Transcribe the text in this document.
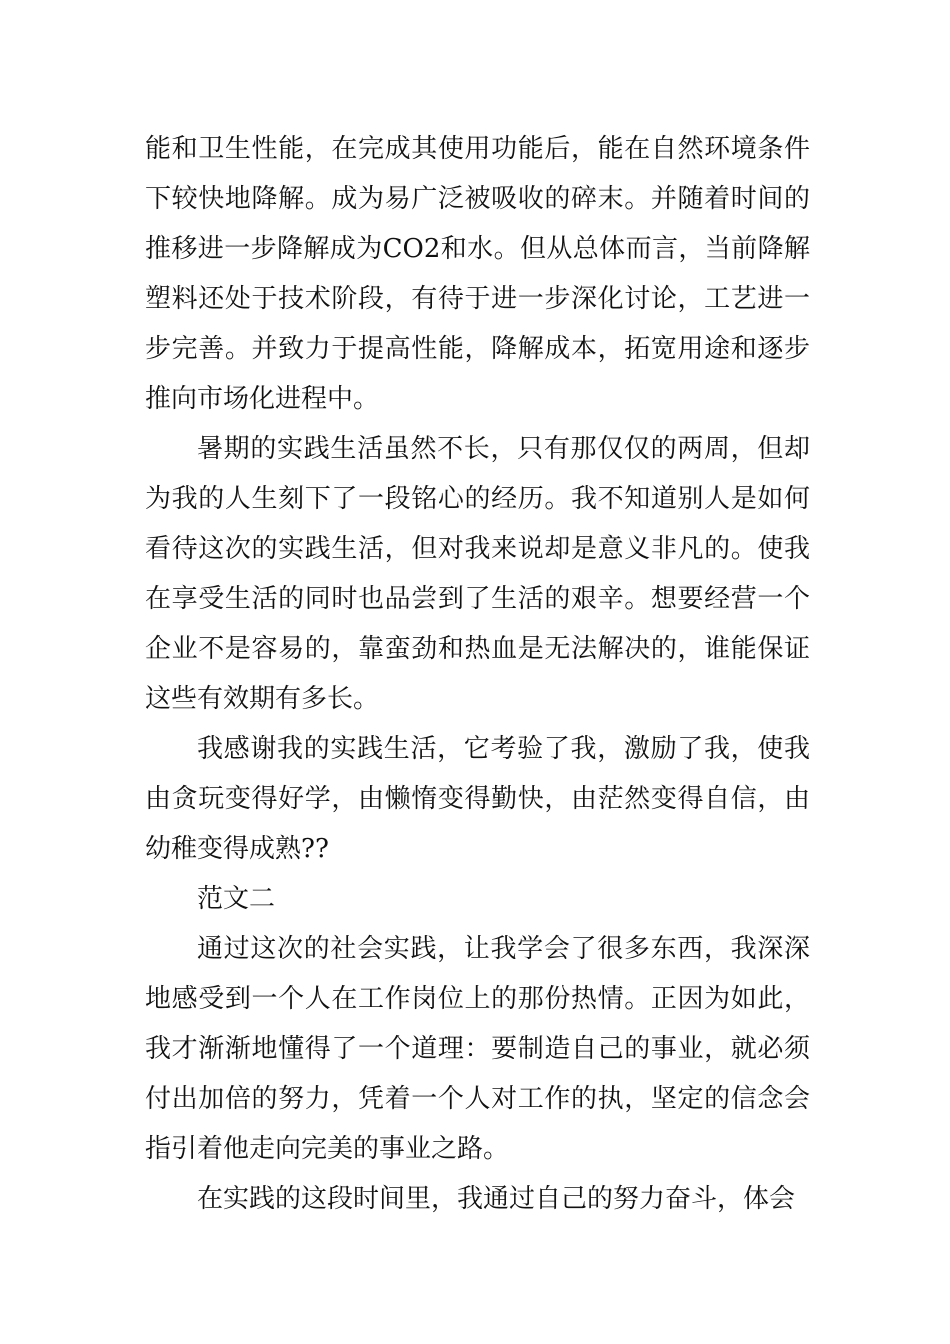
能和卫生性能，在完成其使用功能后，能在自然环境条件下较快地降解。成为易广泛被吸收的碎末。并随着时间的推移进一步降解成为CO2和水。但从总体而言，当前降解塑料还处于技术阶段，有待于进一步深化讨论，工艺进一步完善。并致力于提高性能，降解成本，拓宽用途和逐步推向市场化进程中。

暑期的实践生活虽然不长，只有那仅仅的两周，但却为我的人生刻下了一段铭心的经历。我不知道别人是如何看待这次的实践生活，但对我来说却是意义非凡的。使我在享受生活的同时也品尝到了生活的艰辛。想要经营一个企业不是容易的，靠蛮劲和热血是无法解决的，谁能保证这些有效期有多长。

我感谢我的实践生活，它考验了我，激励了我，使我由贪玩变得好学，由懒惰变得勤快，由茫然变得自信，由幼稚变得成熟??

范文二

通过这次的社会实践，让我学会了很多东西，我深深地感受到一个人在工作岗位上的那份热情。正因为如此，我才渐渐地懂得了一个道理：要制造自己的事业，就必须付出加倍的努力，凭着一个人对工作的执，坚定的信念会指引着他走向完美的事业之路。

在实践的这段时间里，我通过自己的努力奋斗，体会
